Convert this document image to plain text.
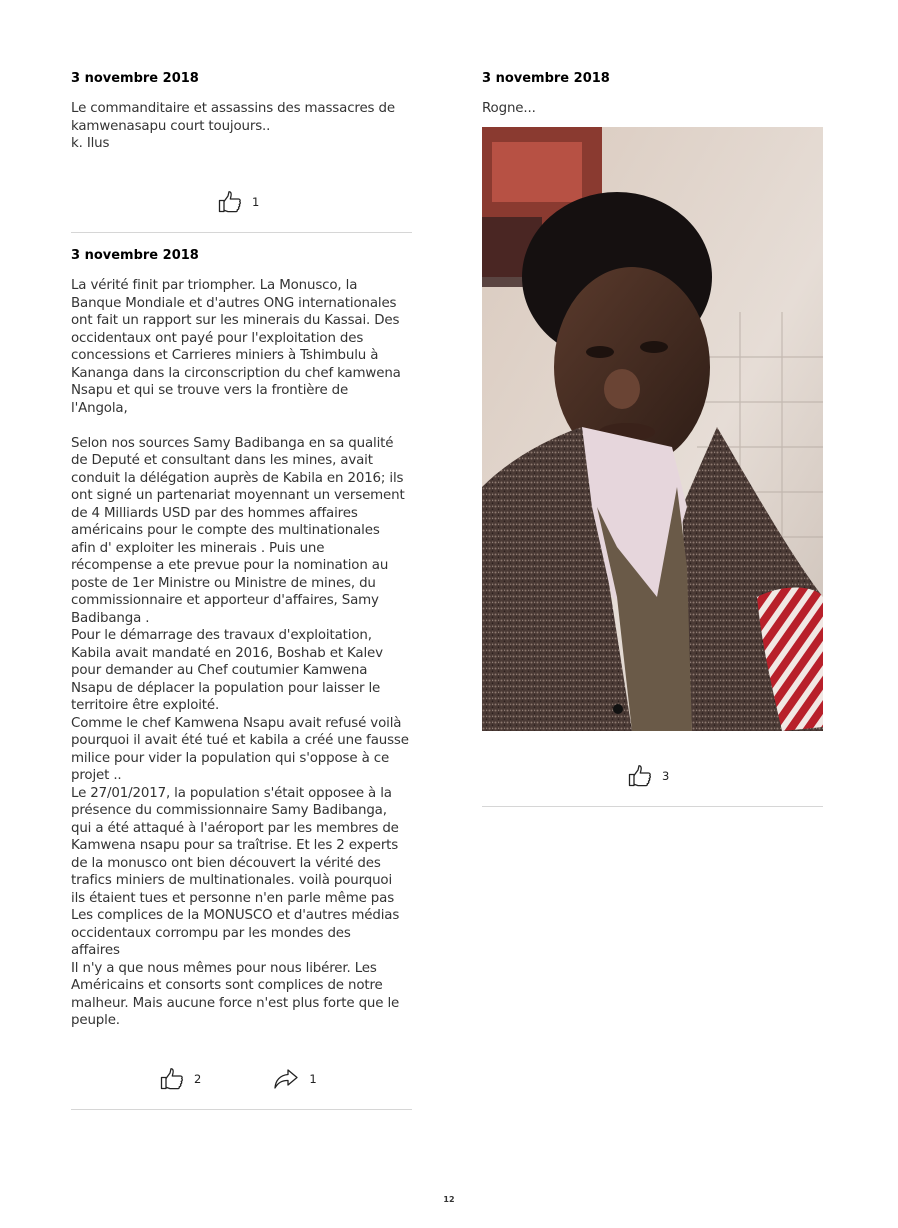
3 novembre 2018
Le commanditaire et assassins des massacres de
kamwenasapu court toujours..
k. Ilus
1
3 novembre 2018
La vérité finit par triompher. La Monusco, la
Banque Mondiale et d'autres ONG internationales
ont fait un rapport sur les minerais du Kassai. Des
occidentaux ont payé pour l'exploitation des
concessions et Carrieres miniers à Tshimbulu à
Kananga dans la circonscription du chef kamwena
Nsapu et qui se trouve vers la frontière de
l'Angola,

Selon nos sources Samy Badibanga en sa qualité
de Deputé et consultant dans les mines, avait
conduit la délégation auprès de Kabila en 2016; ils
ont signé un partenariat moyennant un versement
de 4 Milliards USD par des hommes affaires
américains pour le compte des multinationales
afin d' exploiter les minerais . Puis une
récompense a ete prevue pour la nomination au
poste de 1er Ministre ou Ministre de mines, du
commissionnaire et apporteur d'affaires, Samy
Badibanga .
Pour le démarrage des travaux d'exploitation,
Kabila avait mandaté en 2016, Boshab et Kalev
pour demander au Chef coutumier Kamwena
Nsapu de déplacer la population pour laisser le
territoire être exploité.
Comme le chef Kamwena Nsapu avait refusé voilà
pourquoi il avait été tué et kabila a créé une fausse
milice pour vider la population qui s'oppose à ce
projet ..
Le 27/01/2017, la population s'était opposee à la
présence du commissionnaire Samy Badibanga,
qui a été attaqué à l'aéroport par les membres de
Kamwena nsapu pour sa traîtrise. Et les 2 experts
de la monusco ont bien découvert la vérité des
trafics miniers de multinationales. voilà pourquoi
ils étaient tues et personne n'en parle même pas
Les complices de la MONUSCO et d'autres médias
occidentaux corrompu par les mondes des
affaires
Il n'y a que nous mêmes pour nous libérer. Les
Américains et consorts sont complices de notre
malheur. Mais aucune force n'est plus forte que le
peuple.
2	1
3 novembre 2018
Rogne...
3
12
